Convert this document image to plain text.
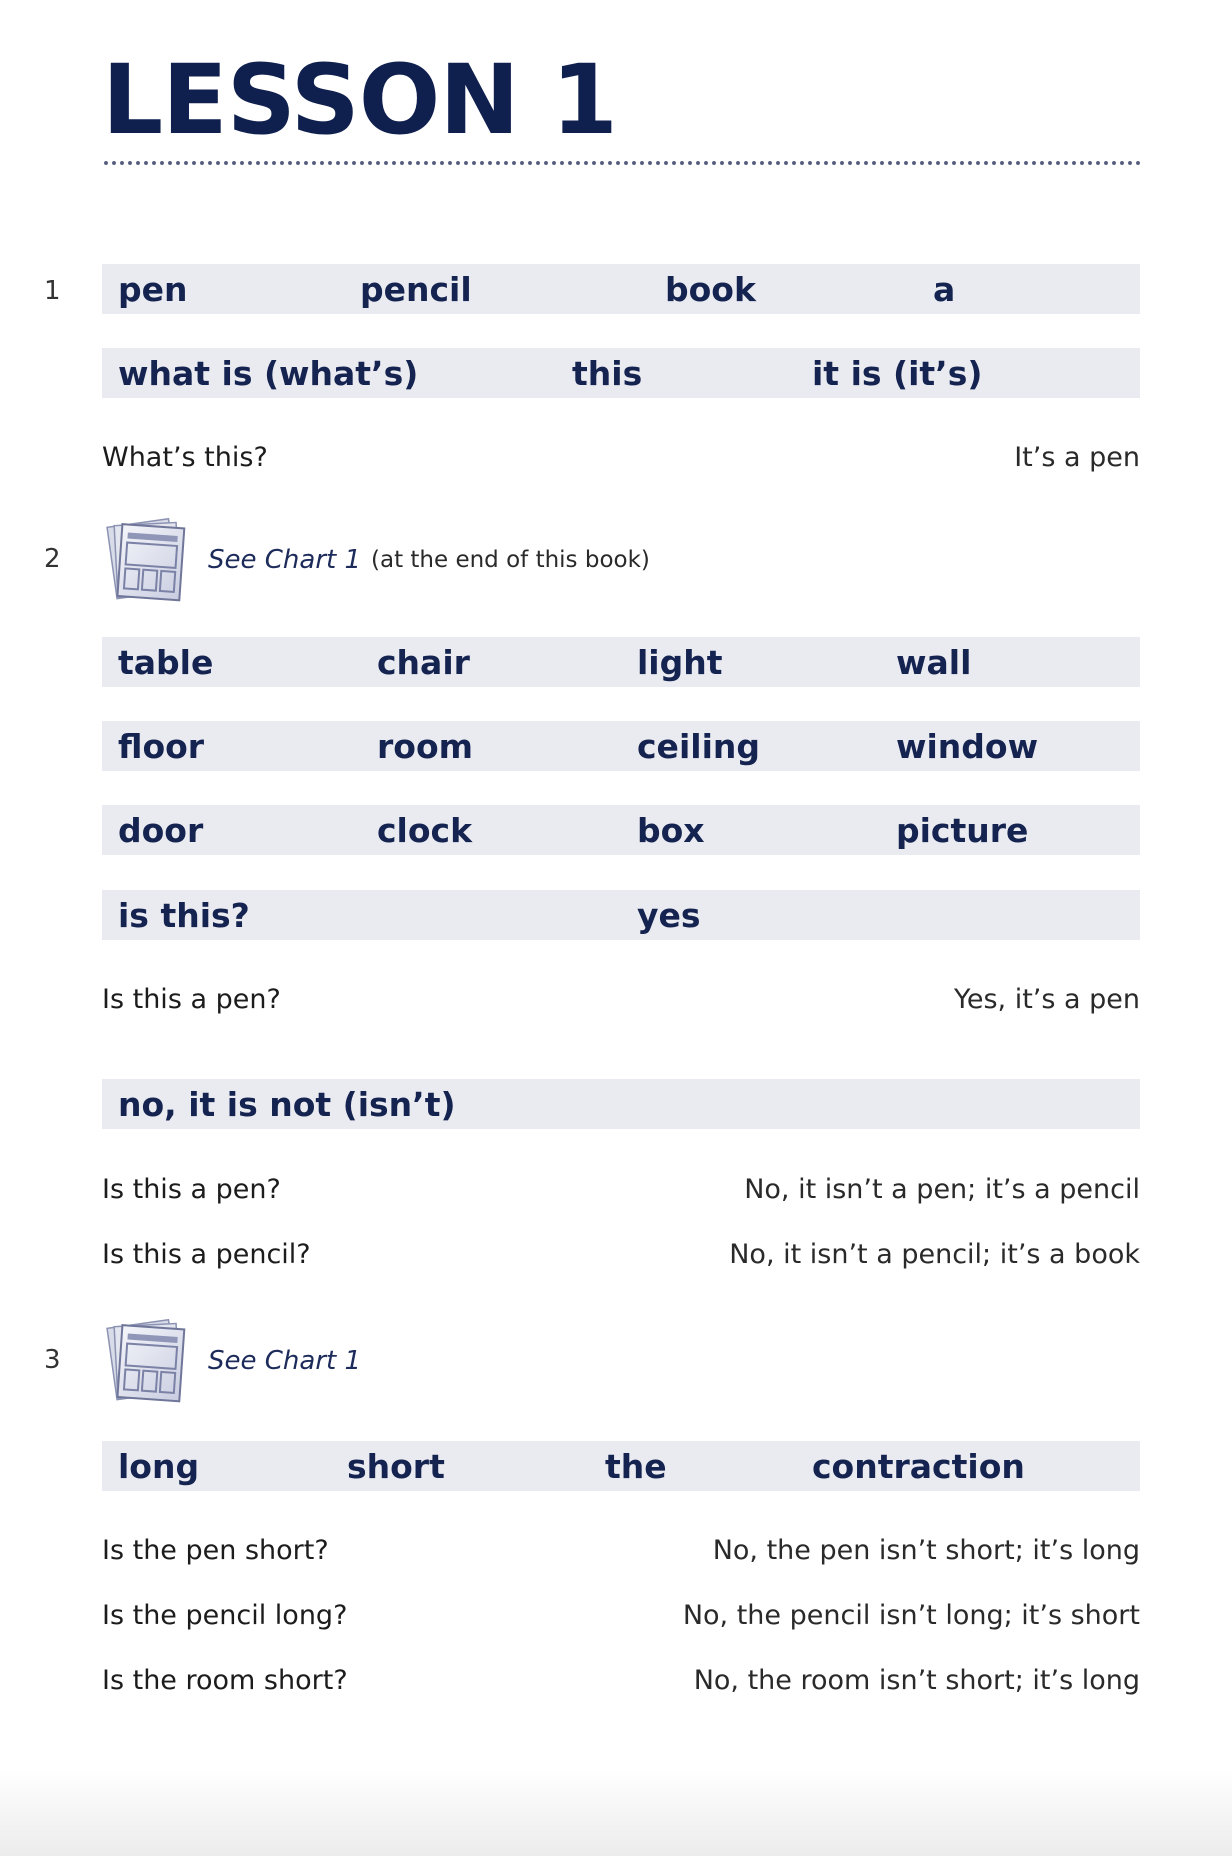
LESSON 1
1 pen	pencil	book	a
what is (what’s)	this	it is (it’s)
What’s this?	It’s a pen
2	See Chart 1 (at the end of this book)
table	chair	light	wall
floor	room	ceiling	window
door	clock	box	picture
is this?	yes
Is this a pen?	Yes, it’s a pen
no, it is not (isn’t)
Is this a pen?	No, it isn’t a pen; it’s a pencil
Is this a pencil?	No, it isn’t a pencil; it’s a book
3	See Chart 1
long	short	the	contraction
Is the pen short?	No, the pen isn’t short; it’s long
Is the pencil long?	No, the pencil isn’t long; it’s short
Is the room short?	No, the room isn’t short; it’s long
